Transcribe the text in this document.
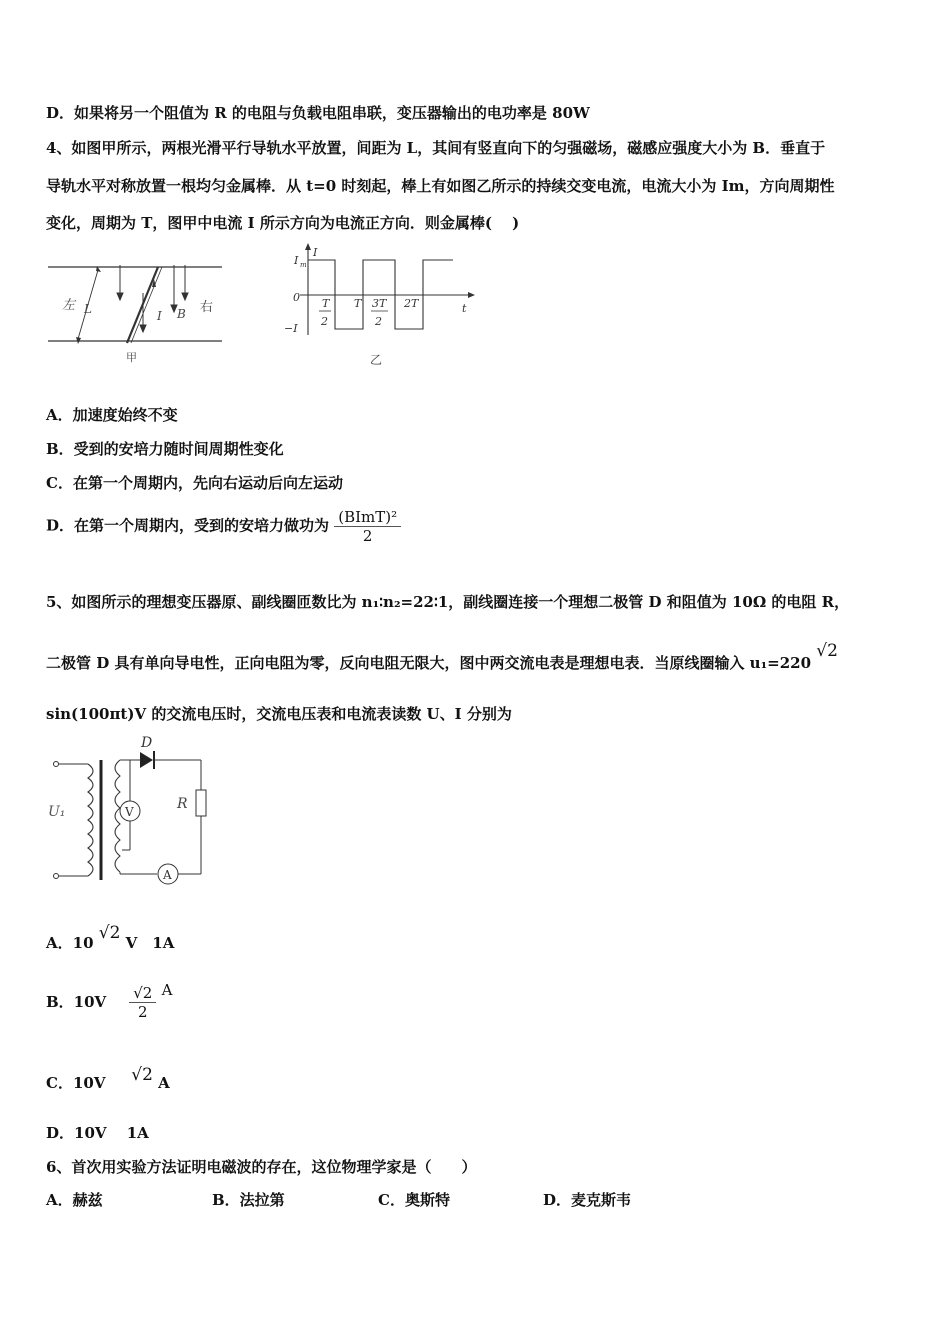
D．如果将另一个阻值为 R 的电阻与负载电阻串联，变压器输出的电功率是 80W
4、如图甲所示，两根光滑平行导轨水平放置，间距为 L，其间有竖直向下的匀强磁场，磁感应强度大小为 B．垂直于
导轨水平对称放置一根均匀金属棒．从 t=0 时刻起，棒上有如图乙所示的持续交变电流，电流大小为 Im，方向周期性
变化，周期为 T，图甲中电流 I 所示方向为电流正方向．则金属棒(　 )
左 L	I B 右
甲
I m
−I
I
0
t
T
2
T 3T
2
2T
乙
A．加速度始终不变
B．受到的安培力随时间周期性变化
C．在第一个周期内，先向右运动后向左运动
D．在第一个周期内，受到的安培力做功为 $\frac{\text{(BImT)²}}{2}$
5、如图所示的理想变压器原、副线圈匝数比为 n₁∶n₂=22∶1，副线圈连接一个理想二极管 D 和阻值为 10Ω 的电阻 R，
二极管 D 具有单向导电性，正向电阻为零，反向电阻无限大，图中两交流电表是理想电表．当原线圈输入 u₁=220 √2
sin(100πt)V 的交流电压时，交流电压表和电流表读数 U、I 分别为
D
U₁	R
V
A
A．10 √2 V　1A
B．$10V \frac{√2}{2}$ A
C．10V √2 A
D．10V　 1A
6、首次用实验方法证明电磁波的存在，这位物理学家是（　　）
A．赫兹	B．法拉第	C．奥斯特	D．麦克斯韦
